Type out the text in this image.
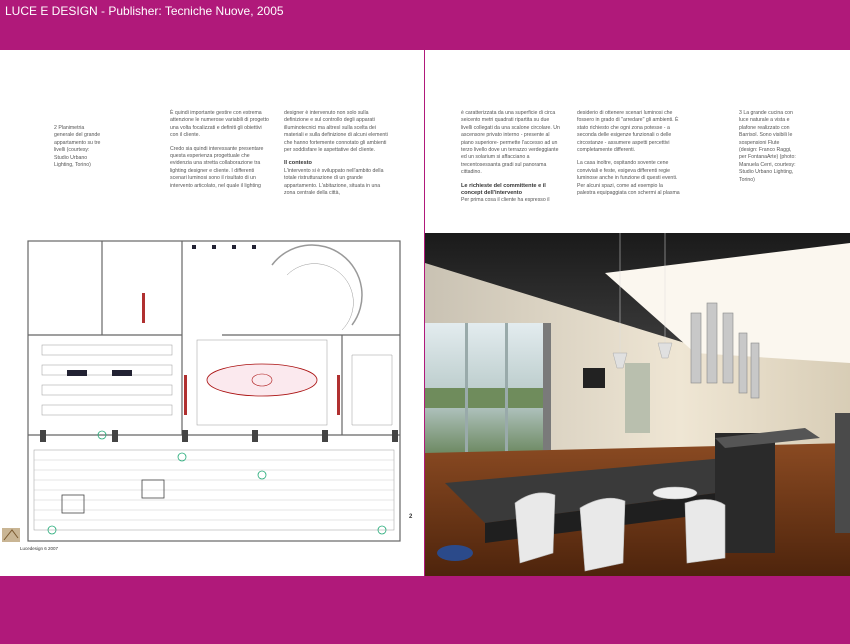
LUCE E DESIGN - Publisher: Tecniche Nuove, 2005

2 Planimetria generale del grande appartamento su tre livelli (courtesy: Studio Urbano Lighting, Torino)

È quindi importante gestire con estrema attenzione le numerose variabili di progetto una volta focalizzati e definiti gli obiettivi con il cliente.

Credo sia quindi interessante presentare questa esperienza progettuale che evidenzia una stretta collaborazione tra lighting designer e cliente. I differenti scenari luminosi sono il risultato di un intervento articolato, nel quale il lighting

designer è intervenuto non solo sulla definizione e sul controllo degli apparati illuminotecnici ma altresì sulla scelta dei materiali e sulla definizione di alcuni elementi che hanno fortemente connotato gli ambienti per soddisfare le aspettative del cliente.

Il contesto

L'intervento si è sviluppato nell'ambito della totale ristrutturazione di un grande appartamento. L'abitazione, situata in una zona centrale della città,

Lucedesign 6 2007
2

è caratterizzata da una superficie di circa seicento metri quadrati ripartita su due livelli collegati da una scalone circolare. Un ascensore privato interno - presente al piano superiore- permette l'accesso ad un terzo livello dove un terrazzo verdeggiante ed un solarium si affacciano a trecentosessanta gradi sul panorama cittadino.

Le richieste del committente e il concept dell'intervento

Per prima cosa il cliente ha espresso il

desiderio di ottenere scenari luminosi che fossero in grado di "arredare" gli ambienti. È stato richiesto che ogni zona potesse - a seconda delle esigenze funzionali o delle circostanze - assumere aspetti percettivi completamente differenti.

La casa inoltre, ospitando sovente cene conviviali e feste, esigeva differenti regie luminose anche in funzione di questi eventi. Per alcuni spazi, come ad esempio la palestra equipaggiata con schermi al plasma

3 La grande cucina con luce naturale a vista e plafone realizzato con Barrisol. Sono visibili le sospensioni Flute (design: Franco Raggi, per FontanaArte) (photo: Manuela Cerri, courtesy: Studio Urbano Lighting, Torino)
